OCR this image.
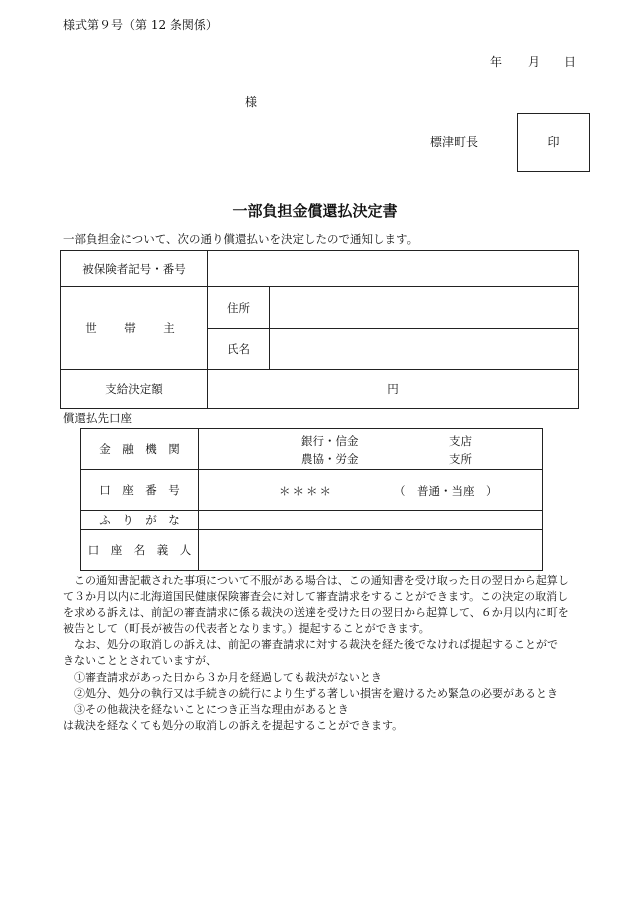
様式第９号（第 12 条関係）
年 月 日
様
標津町長	印
一部負担金償還払決定書
一部負担金について、次の通り償還払いを決定したので通知します。
被保険者記号・番号		
世　帯　主	住所	
	氏名	
支給決定額	円	
償還払先口座
金　融　機　関	銀行・信金 支店
農協・労金 支所

口　座　番　号	＊＊＊＊ （　普通・当座　）

ふ　り　が　な	
口　座　名　義　人	
　この通知書記載された事項について不服がある場合は、この通知書を受け取った日の翌日から起算し
て３か月以内に北海道国民健康保険審査会に対して審査請求をすることができます。この決定の取消し
を求める訴えは、前記の審査請求に係る裁決の送達を受けた日の翌日から起算して、６か月以内に町を
被告として（町長が被告の代表者となります。）提起することができます。
　なお、処分の取消しの訴えは、前記の審査請求に対する裁決を経た後でなければ提起することがで
きないこととされていますが、
①審査請求があった日から３か月を経過しても裁決がないとき
②処分、処分の執行又は手続きの続行により生ずる著しい損害を避けるため緊急の必要があるとき
③その他裁決を経ないことにつき正当な理由があるとき
は裁決を経なくても処分の取消しの訴えを提起することができます。
